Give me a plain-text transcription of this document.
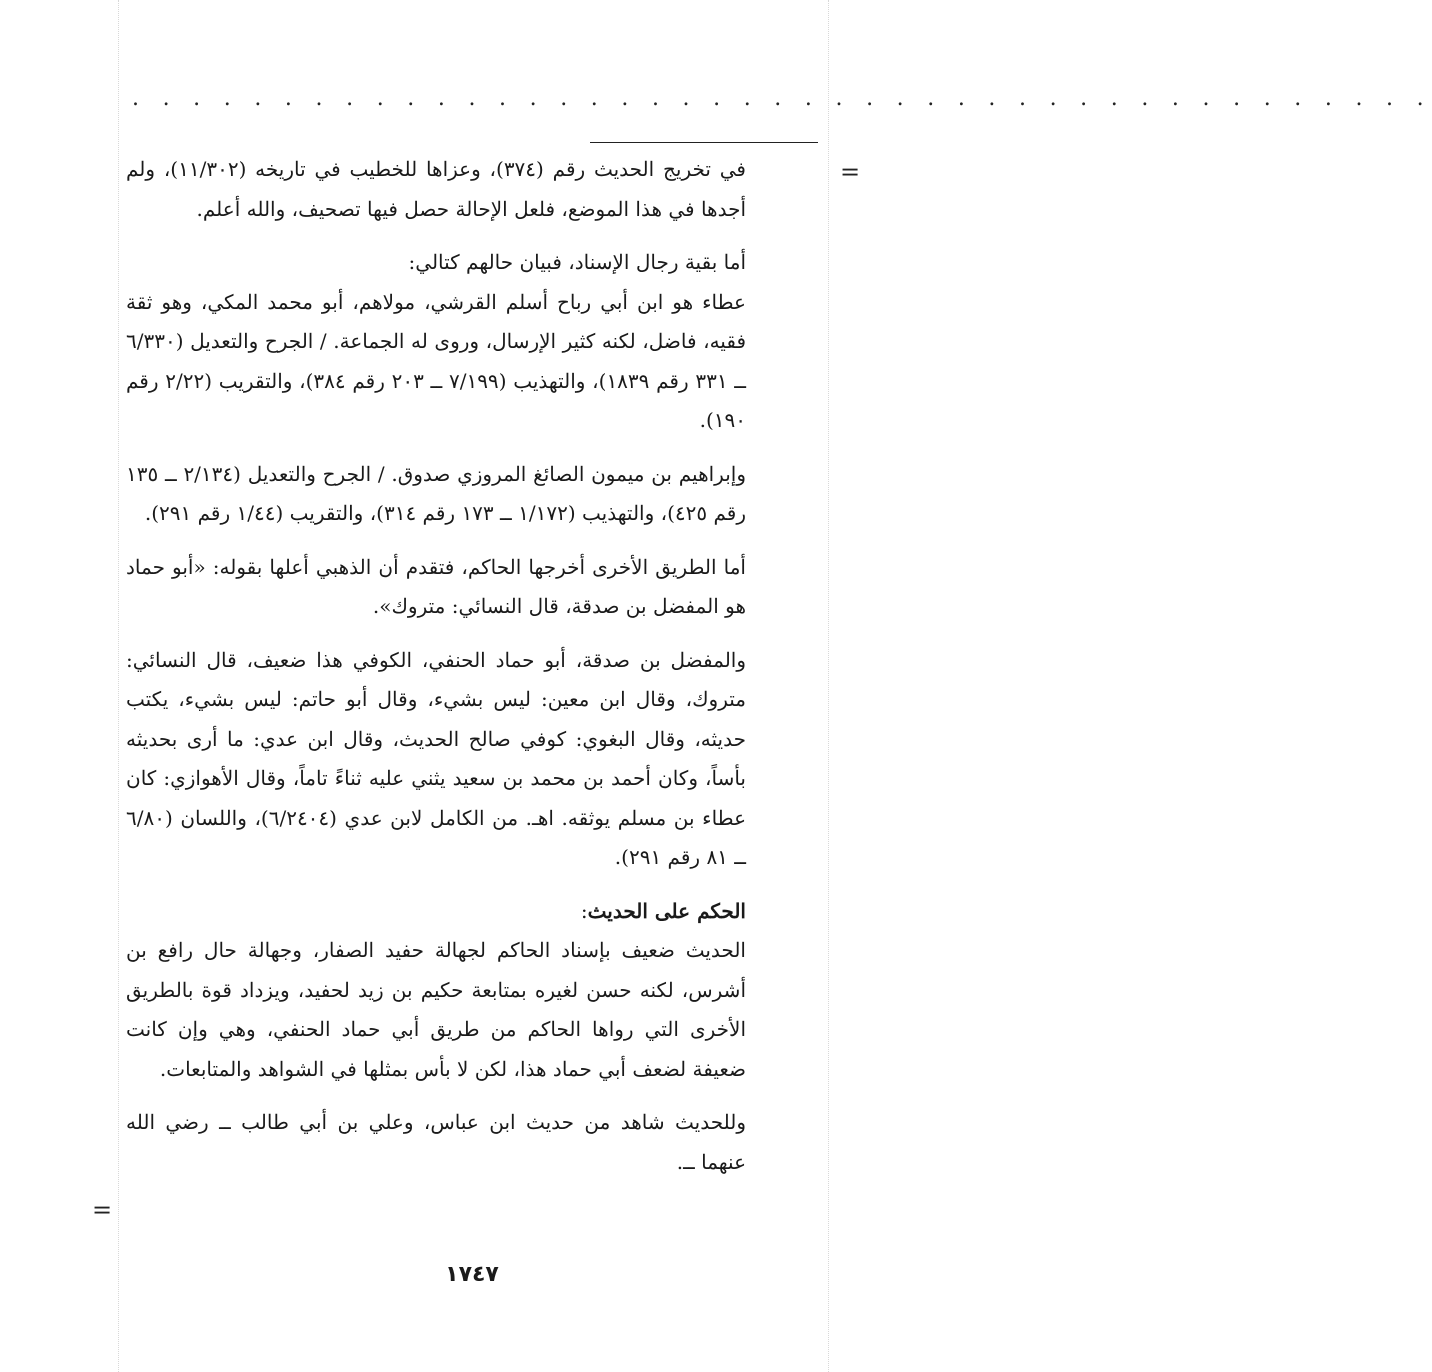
. . . . . . . . . . . . . . . . . . . . . . . . . . . . . . . . . . . . . . . . . . .
=

في تخريج الحديث رقم (٣٧٤)، وعزاها للخطيب في تاريخه (١١/٣٠٢)، ولم أجدها في هذا الموضع، فلعل الإحالة حصل فيها تصحيف، والله أعلم.

أما بقية رجال الإسناد، فبيان حالهم كتالي:

عطاء هو ابن أبي رباح أسلم القرشي، مولاهم، أبو محمد المكي، وهو ثقة فقيه، فاضل، لكنه كثير الإرسال، وروى له الجماعة. / الجرح والتعديل (٦/٣٣٠ ــ ٣٣١ رقم ١٨٣٩)، والتهذيب (٧/١٩٩ ــ ٢٠٣ رقم ٣٨٤)، والتقريب (٢/٢٢ رقم ١٩٠).

وإبراهيم بن ميمون الصائغ المروزي صدوق. / الجرح والتعديل (٢/١٣٤ ــ ١٣٥ رقم ٤٢٥)، والتهذيب (١/١٧٢ ــ ١٧٣ رقم ٣١٤)، والتقريب (١/٤٤ رقم ٢٩١).

أما الطريق الأخرى أخرجها الحاكم، فتقدم أن الذهبي أعلها بقوله: «أبو حماد هو المفضل بن صدقة، قال النسائي: متروك».

والمفضل بن صدقة، أبو حماد الحنفي، الكوفي هذا ضعيف، قال النسائي: متروك، وقال ابن معين: ليس بشيء، وقال أبو حاتم: ليس بشيء، يكتب حديثه، وقال البغوي: كوفي صالح الحديث، وقال ابن عدي: ما أرى بحديثه بأساً، وكان أحمد بن محمد بن سعيد يثني عليه ثناءً تاماً، وقال الأهوازي: كان عطاء بن مسلم يوثقه. اهـ. من الكامل لابن عدي (٦/٢٤٠٤)، واللسان (٦/٨٠ ــ ٨١ رقم ٢٩١).

الحكم على الحديث:

الحديث ضعيف بإسناد الحاكم لجهالة حفيد الصفار، وجهالة حال رافع بن أشرس، لكنه حسن لغيره بمتابعة حكيم بن زيد لحفيد، ويزداد قوة بالطريق الأخرى التي رواها الحاكم من طريق أبي حماد الحنفي، وهي وإن كانت ضعيفة لضعف أبي حماد هذا، لكن لا بأس بمثلها في الشواهد والمتابعات.

وللحديث شاهد من حديث ابن عباس، وعلي بن أبي طالب ــ رضي الله عنهما ــ.

=
١٧٤٧
